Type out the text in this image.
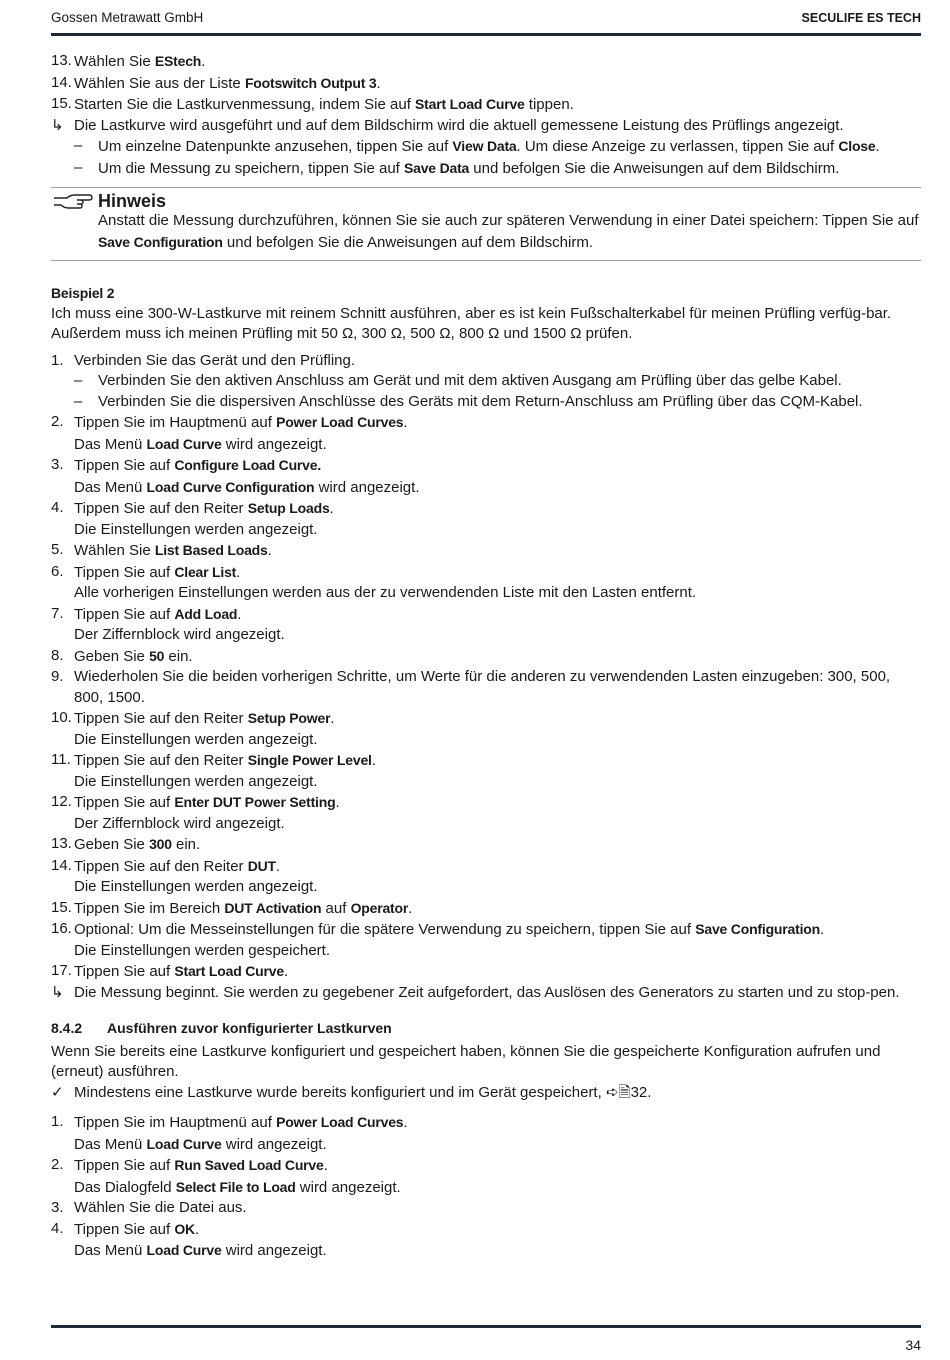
Gossen Metrawatt GmbH	SECULIFE ES TECH
13. Wählen Sie EStech.
14. Wählen Sie aus der Liste Footswitch Output 3.
15. Starten Sie die Lastkurvenmessung, indem Sie auf Start Load Curve tippen.
↳ Die Lastkurve wird ausgeführt und auf dem Bildschirm wird die aktuell gemessene Leistung des Prüflings angezeigt.
–	Um einzelne Datenpunkte anzusehen, tippen Sie auf View Data. Um diese Anzeige zu verlassen, tippen Sie auf Close.
–	Um die Messung zu speichern, tippen Sie auf Save Data und befolgen Sie die Anweisungen auf dem Bildschirm.
Hinweis
Anstatt die Messung durchzuführen, können Sie sie auch zur späteren Verwendung in einer Datei speichern: Tippen Sie auf Save Configuration und befolgen Sie die Anweisungen auf dem Bildschirm.
Beispiel 2
Ich muss eine 300-W-Lastkurve mit reinem Schnitt ausführen, aber es ist kein Fußschalterkabel für meinen Prüfling verfüg-bar. Außerdem muss ich meinen Prüfling mit 50 Ω, 300 Ω, 500 Ω, 800 Ω und 1500 Ω prüfen.
1. Verbinden Sie das Gerät und den Prüfling.
–	Verbinden Sie den aktiven Anschluss am Gerät und mit dem aktiven Ausgang am Prüfling über das gelbe Kabel.
–	Verbinden Sie die dispersiven Anschlüsse des Geräts mit dem Return-Anschluss am Prüfling über das CQM-Kabel.
2. Tippen Sie im Hauptmenü auf Power Load Curves.
Das Menü Load Curve wird angezeigt.
3. Tippen Sie auf Configure Load Curve.
Das Menü Load Curve Configuration wird angezeigt.
4. Tippen Sie auf den Reiter Setup Loads.
Die Einstellungen werden angezeigt.
5. Wählen Sie List Based Loads.
6. Tippen Sie auf Clear List.
Alle vorherigen Einstellungen werden aus der zu verwendenden Liste mit den Lasten entfernt.
7. Tippen Sie auf Add Load.
Der Ziffernblock wird angezeigt.
8. Geben Sie 50 ein.
9. Wiederholen Sie die beiden vorherigen Schritte, um Werte für die anderen zu verwendenden Lasten einzugeben: 300, 500, 800, 1500.
10. Tippen Sie auf den Reiter Setup Power.
Die Einstellungen werden angezeigt.
11. Tippen Sie auf den Reiter Single Power Level.
Die Einstellungen werden angezeigt.
12. Tippen Sie auf Enter DUT Power Setting.
Der Ziffernblock wird angezeigt.
13. Geben Sie 300 ein.
14. Tippen Sie auf den Reiter DUT.
Die Einstellungen werden angezeigt.
15. Tippen Sie im Bereich DUT Activation auf Operator.
16. Optional: Um die Messeinstellungen für die spätere Verwendung zu speichern, tippen Sie auf Save Configuration.
Die Einstellungen werden gespeichert.
17. Tippen Sie auf Start Load Curve.
↳ Die Messung beginnt. Sie werden zu gegebener Zeit aufgefordert, das Auslösen des Generators zu starten und zu stop-pen.
8.4.2	Ausführen zuvor konfigurierter Lastkurven
Wenn Sie bereits eine Lastkurve konfiguriert und gespeichert haben, können Sie die gespeicherte Konfiguration aufrufen und (erneut) ausführen.
✓ Mindestens eine Lastkurve wurde bereits konfiguriert und im Gerät gespeichert, ➪🗎32.
1. Tippen Sie im Hauptmenü auf Power Load Curves.
Das Menü Load Curve wird angezeigt.
2. Tippen Sie auf Run Saved Load Curve.
Das Dialogfeld Select File to Load wird angezeigt.
3. Wählen Sie die Datei aus.
4. Tippen Sie auf OK.
Das Menü Load Curve wird angezeigt.
34
